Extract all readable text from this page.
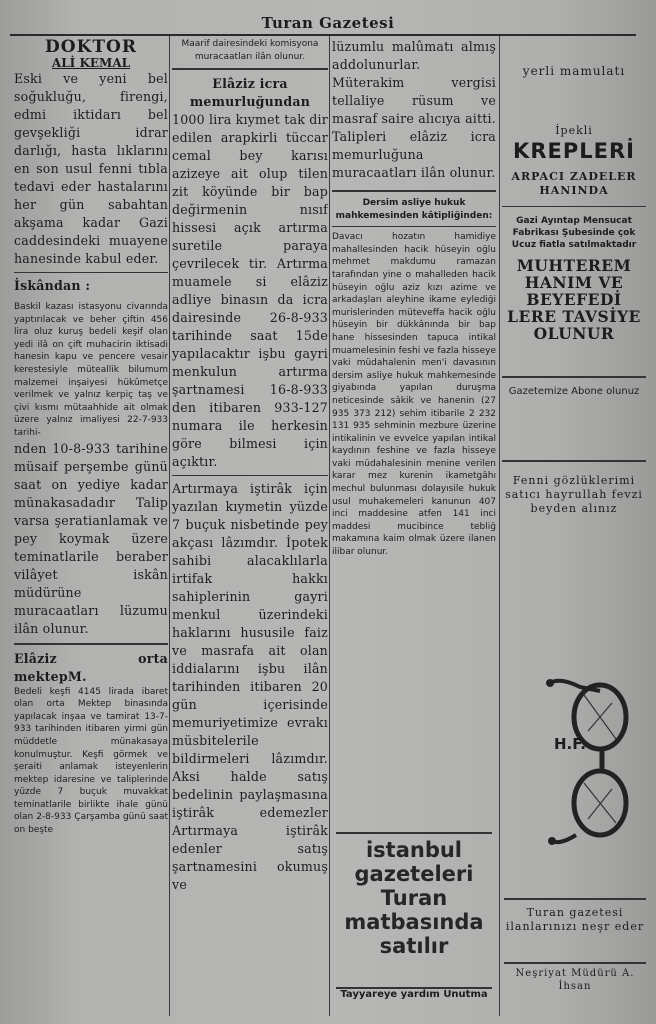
Turan Gazetesi

DOKTOR

ALİ KEMAL

Eski ve yeni bel soğukluğu, firengi, edmi iktidarı bel gevşekliği idrar darlığı, hasta lıklarını en son usul fenni tıbla tedavi eder hastalarını her gün sabahtan akşama kadar Gazi caddesindeki muayene hanesinde kabul eder.

İskândan :

Baskil kazası istasyonu civarında yaptırılacak ve beher çiftin 456 lira oluz kuruş bedeli keşif olan yedi ilâ on çift muhacirin iktisadi hanesin kapu ve pencere vesair kerestesiyle müteallik bilumum malzemei inşaiyesi hükûmetçe verilmek ve yalnız kerpiç taş ve çivi kısmı mütaahhide ait olmak üzere yalnız imaliyesi 22-7-933 tarihi-

nden 10-8-933 tarihine müsaif perşembe günü saat on yediye kadar münakasadadır Talip varsa şeratianlamak ve pey koymak üzere teminatlarile beraber vilâyet iskân müdürüne muracaatları lüzumu ilân olunur.

Elâziz orta mektepM.

Bedeli keşfi 4145 lirada ibaret olan orta Mektep binasında yapılacak inşaa ve tamirat 13-7-933 tarihinden itibaren yirmi gün müddetle münakasaya konulmuştur. Keşfi görmek ve şeraiti anlamak isteyenlerin mektep idaresine ve taliplerinde yüzde 7 buçuk muvakkat teminatlarile birlikte ihale günü olan 2-8-933 Çarşamba günü saat on beşte

Maarif dairesindeki komisyona muracaatları ilân olunur.

Elâziz icra memurluğundan

1000 lira kıymet tak dir edilen arapkirli tüccar cemal bey karısı azizeye ait olup tilen zit köyünde bir bap değirmenin nısıf hissesi açık artırma suretile paraya çevrilecek tir. Artırma muamele si elâziz adliye binasın da icra dairesinde 26-8-933 tarihinde saat 15de yapılacaktır işbu gayri menkulun artırma şartnamesi 16-8-933 den itibaren 933-127 numara ile herkesin göre bilmesi için açıktır.

Artırmaya iştirâk için yazılan kıymetin yüzde 7 buçuk nisbetinde pey akçası lâzımdır. İpotek sahibi alacaklılarla irtifak hakkı sahiplerinin gayri menkul üzerindeki haklarını hususile faiz ve masrafa ait olan iddialarını işbu ilân tarihinden itibaren 20 gün içerisinde memuriyetimize evrakı müsbitelerile bildirmeleri lâzımdır. Aksi halde satış bedelinin paylaşmasına iştirâk edemezler Artırmaya iştirâk edenler satış şartnamesini okumuş ve

lüzumlu malûmatı almış addolunurlar. Müterakim vergisi tellaliye rüsum ve masraf saire alıcıya aitti. Talipleri elâziz icra memurluğuna muracaatları ilân olunur.

Dersim asliye hukuk mahkemesinden kâtipliğinden:

Davacı hozatın hamidiye mahallesinden hacik hüseyin oğlu mehmet makdumu ramazan tarafından yine o mahalleden hacik hüseyin oğlu aziz kızı azime ve arkadaşları aleyhine ikame eylediği murislerinden müteveffa hacik oğlu hüseyin bir dükkânında bir bap hane hissesinden tapuca intikal muamelesinin feshi ve fazla hisseye vaki müdahalenin men'i davasının dersim asliye hukuk mahkemesinde giyabında yapılan duruşma neticesinde sâkik ve hanenin (27 935 373 212) sehim itibarile 2 232 131 935 sehminin mezbure üzerine intikalinin ve evvelce yapılan intikal kaydının feshine ve fazla hisseye vaki müdahalesinin menine verilen karar mez kurenin ikametgâhı mechul bulunması dolayısile hukuk usul muhakemeleri kanunun 407 inci maddesine atfen 141 inci maddesi mucibince tebliğ makamına kaim olmak üzere ilanen ilibar olunur.

istanbul gazeteleri Turan matbasında satılır

Tayyareye yardım Unutma

yerli mamulatı

İpekli

KREPLERİ

ARPACI ZADELER HANINDA

Gazi Ayıntap Mensucat Fabrikası Şubesinde çok Ucuz fiatla satılmaktadır

MUHTEREM HANIM VE BEYEFEDİ LERE TAVSİYE OLUNUR

Gazetemize Abone olunuz

Fenni gözlüklerimi satıcı hayrullah fevzi beyden alınız

H.F.

Turan gazetesi ilanlarınızı neşr eder

Neşriyat Müdürü A. İhsan
